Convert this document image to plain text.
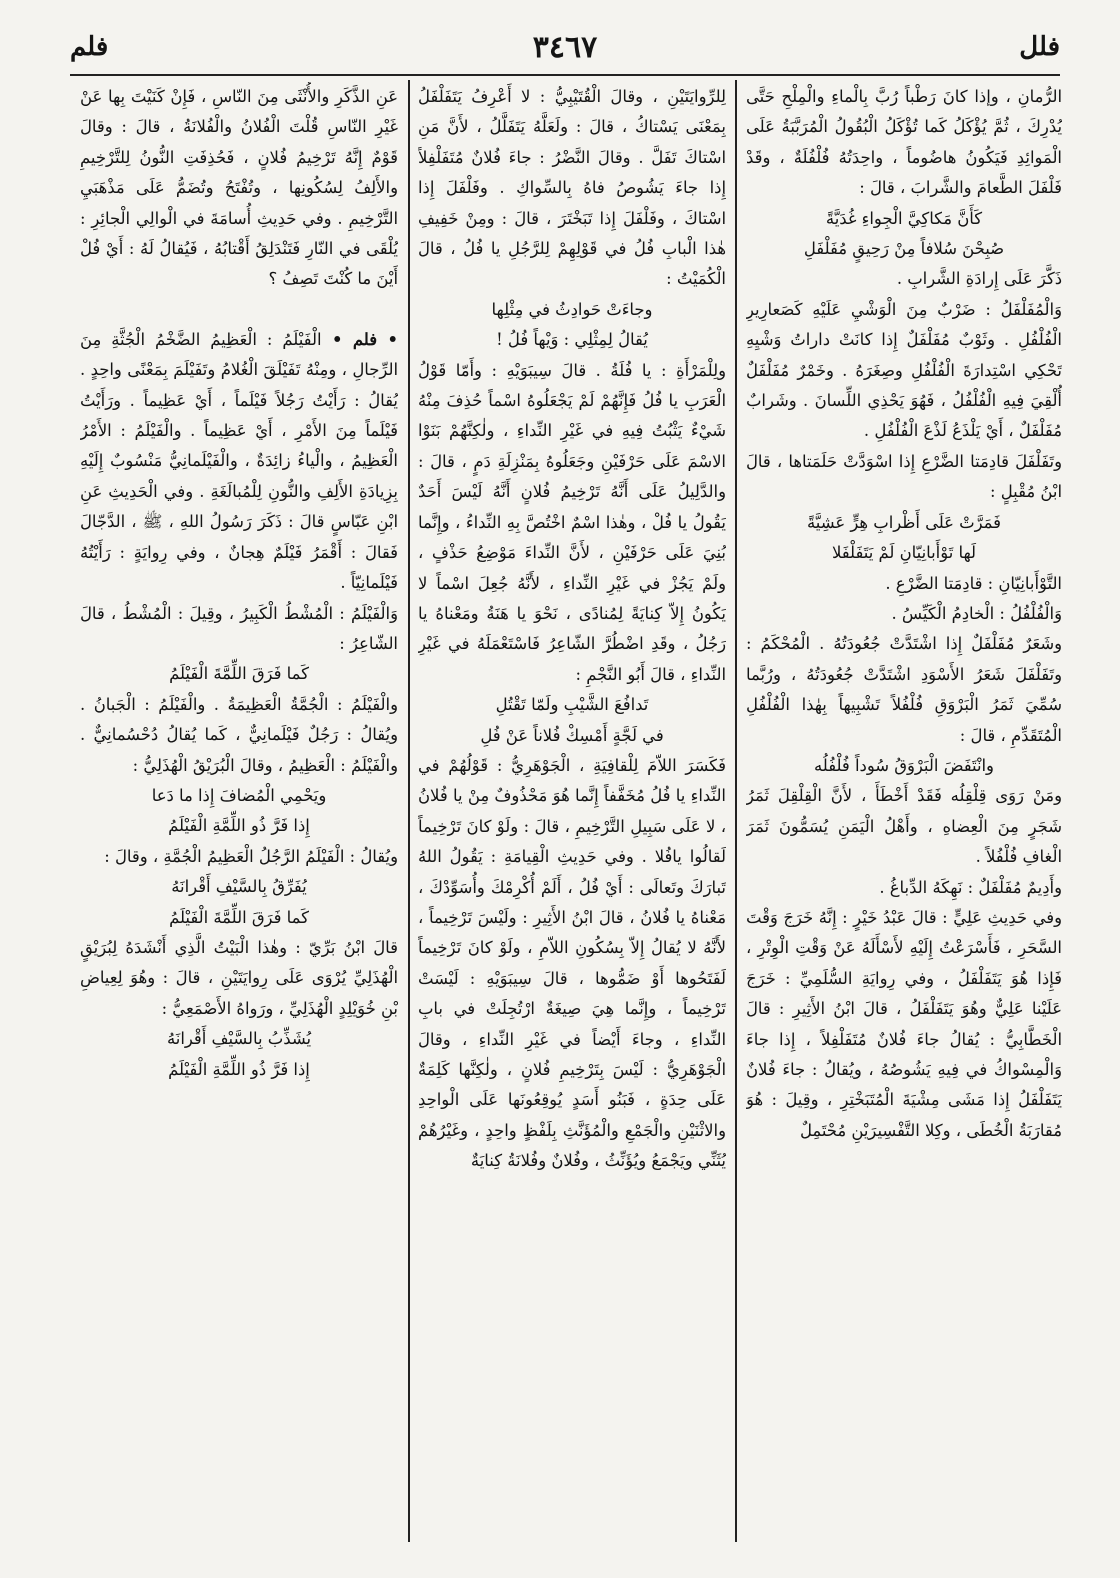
فلل
٣٤٦٧
فلم

الرُّمانِ ، وإذا كانَ رَطْباً رُبَّ بِالْماءِ والْمِلْحِ حَتَّى يُدْرِكَ ، ثُمَّ يُؤْكَلُ كَما تُؤْكَلُ الْبُقُولُ الْمُرَبَّبَةُ عَلَى الْمَوائِدِ فَيَكُونُ هاضُوماً ، واحِدَتُهُ فُلْفُلَةٌ ، وقَدْ فَلْفَلَ الطَّعامَ والشَّرابَ ، قالَ :

كَأَنَّ مَكاكِيَّ الْجِواءِ غُدَيَّةً

صُبِحْنَ سُلافاً مِنْ رَحِيقٍ مُفَلْفَلِ

ذَكَّرَ عَلَى إِرادَةِ الشَّرابِ .

وَالْمُفَلْفَلُ : ضَرْبٌ مِنَ الْوَشْيِ عَلَيْهِ كَصَعارِيرِ الْفُلْفُلِ . وثَوْبٌ مُفَلْفَلٌ إِذا كانَتْ داراتُ وَشْيِهِ تَحْكِي اسْتِدارَةَ الْفُلْفُلِ وصِغَرَهُ . وخَمْرٌ مُفَلْفَلٌ أُلْقِيَ فِيهِ الْفُلْفُلُ ، فَهُوَ يَحْذِي اللِّسانَ . وشَرابٌ مُفَلْفَلٌ ، أَيْ يَلْذَعُ لَذْعَ الْفُلْفُلِ .

وتَفَلْفَلَ قادِمَتا الضَّرْعِ إِذا اسْوَدَّتْ حَلَمَتاها ، قالَ ابْنُ مُقْبِلٍ :

فَمَرَّتْ عَلَى أَظْرابِ هِرٍّ عَشِيَّةً

لَها تَوْأَبانِيّانِ لَمْ يَتَفَلْفَلا

التَّوْأَبانِيّانِ : قادِمَتا الضَّرْعِ .

وَالْفُلْفُلُ : الْخادِمُ الْكَيِّسُ .

وشَعَرٌ مُفَلْفَلٌ إِذا اشْتَدَّتْ جُعُودَتُهُ . الْمُحْكَمُ : وتَفَلْفَلَ شَعَرُ الأَسْوَدِ اشْتَدَّتْ جُعُودَتُهُ ، ورُبَّما سُمِّيَ ثَمَرُ الْبَرْوَقِ فُلْفُلاً تَشْبِيهاً بِهٰذا الْفُلْفُلِ الْمُتَقَدِّمِ ، قالَ :

وانْتَفَضَ الْبَرْوَقُ سُوداً فُلْفُلُه

ومَنْ رَوَى قِلْقِلُه فَقَدْ أَخْطَأَ ، لأَنَّ الْقِلْقِلَ ثَمَرُ شَجَرٍ مِنَ الْعِضاهِ ، وأَهْلُ الْيَمَنِ يُسَمُّونَ ثَمَرَ الْغافِ فُلْفُلاً .

وأَدِيمٌ مُفَلْفَلٌ : نَهِكَهُ الدِّباغُ .

وفي حَدِيثِ عَلِيٍّ : قالَ عَبْدُ خَيْرٍ : إِنَّهُ خَرَجَ وَقْتَ السَّحَرِ ، فَأَسْرَعْتُ إِلَيْهِ لأَسْأَلَهُ عَنْ وَقْتِ الْوِتْرِ ، فَإِذا هُوَ يَتَفَلْفَلُ ، وفي رِوايَةِ السُّلَمِيِّ : خَرَجَ عَلَيْنا عَلِيٌّ وهُوَ يَتَفَلْفَلُ ، قالَ ابْنُ الأَثِيرِ : قالَ الْخَطَّابِيُّ : يُقالُ جاءَ فُلانٌ مُتَفَلْفِلاً ، إِذا جاءَ وَالْمِسْواكُ في فِيهِ يَشُوصُهُ ، ويُقالُ : جاءَ فُلانٌ يَتَفَلْفَلُ إِذا مَشَى مِشْيَةَ الْمُتَبَخْتِرِ ، وقِيلَ : هُوَ مُقارَبَةُ الْخُطَى ، وكِلا التَّفْسِيرَيْنِ مُحْتَمِلٌ

لِلرِّوايَتَيْنِ ، وقالَ الْقُتَيْبِيُّ : لا أَعْرِفُ يَتَفَلْفَلُ بِمَعْنَى يَسْتاكُ ، قالَ : ولَعَلَّهُ يَتَفَلَّلُ ، لأَنَّ مَنِ اسْتاكَ تَفَلَّ . وقالَ النَّضْرُ : جاءَ فُلانٌ مُتَفَلْفِلاً إِذا جاءَ يَشُوصُ فاهُ بِالسِّواكِ . وفَلْفَلَ إِذا اسْتاكَ ، وفَلْفَلَ إِذا تَبَخْتَرَ ، قالَ : ومِنْ خَفِيفِ هٰذا الْبابِ فُلُ في قَوْلِهِمْ لِلرَّجُلِ يا فُلُ ، قالَ الْكُمَيْتُ :

وجاءَتْ حَوادِثُ في مِثْلِها

يُقالُ لِمِثْلِي : وَيْهاً فُلُ !

ولِلْمَرْأَةِ : يا فُلَةُ . قالَ سِيبَوَيْهِ : وأَمّا قَوْلُ الْعَرَبِ يا فُلُ فَإِنَّهُمْ لَمْ يَجْعَلُوهُ اسْماً حُذِفَ مِنْهُ شَيْءٌ يَثْبُتُ فِيهِ في غَيْرِ النِّداءِ ، ولٰكِنَّهُمْ بَنَوْا الاسْمَ عَلَى حَرْفَيْنِ وجَعَلُوهُ بِمَنْزِلَةِ دَمٍ ، قالَ : والدَّلِيلُ عَلَى أَنَّهُ تَرْخِيمُ فُلانٍ أَنَّهُ لَيْسَ أَحَدٌ يَقُولُ يا فُلْ ، وهٰذا اسْمٌ اخْتُصَّ بِهِ النِّداءُ ، وإِنَّما بُنِيَ عَلَى حَرْفَيْنِ ، لأَنَّ النِّداءَ مَوْضِعُ حَذْفٍ ، ولَمْ يَجُزْ في غَيْرِ النِّداءِ ، لأَنَّهُ جُعِلَ اسْماً لا يَكُونُ إِلاّ كِنايَةً لِمُنادًى ، نَحْوَ يا هَنَةُ ومَعْناهُ يا رَجُلُ ، وقَدِ اضْطُرَّ الشّاعِرُ فَاسْتَعْمَلَهُ في غَيْرِ النِّداءِ ، قالَ أَبُو النَّجْمِ :

تَدافُعَ الشَّيْبِ ولَمّا تَقْتُلِ

في لَجَّةٍ أَمْسِكْ فُلاناً عَنْ فُلِ

فَكَسَرَ اللاّمَ لِلْقافِيَةِ ، الْجَوْهَرِيُّ : قَوْلُهُمْ في النِّداءِ يا فُلُ مُخَفَّفاً إِنَّما هُوَ مَحْذُوفٌ مِنْ يا فُلانُ ، لا عَلَى سَبِيلِ التَّرْخِيمِ ، قالَ : ولَوْ كانَ تَرْخِيماً لَقالُوا يافُلا . وفي حَدِيثِ الْقِيامَةِ : يَقُولُ اللهُ تَبارَكَ وتَعالَى : أَيْ فُلُ ، أَلَمْ أُكْرِمْكَ وأُسَوِّدْكَ ، مَعْناهُ يا فُلانُ ، قالَ ابْنُ الأَثِيرِ : ولَيْسَ تَرْخِيماً ، لأَنَّهُ لا يُقالُ إِلاّ بِسُكُونِ اللاّمِ ، ولَوْ كانَ تَرْخِيماً لَفَتَحُوها أَوْ ضَمُّوها ، قالَ سِيبَوَيْهِ : لَيْسَتْ تَرْخِيماً ، وإِنَّما هِيَ صِيغَةٌ ارْتُجِلَتْ في بابِ النِّداءِ ، وجاءَ أَيْضاً في غَيْرِ النِّداءِ ، وقالَ الْجَوْهَرِيُّ : لَيْسَ بِتَرْخِيمِ فُلانٍ ، ولٰكِنَّها كَلِمَةٌ عَلَى حِدَةٍ ، فَبَنُو أَسَدٍ يُوقِعُونَها عَلَى الْواحِدِ والاثْنَيْنِ والْجَمْعِ والْمُؤَنَّثِ بِلَفْظٍ واحِدٍ ، وغَيْرُهُمْ يُثَنِّي ويَجْمَعُ ويُؤَنِّثُ ، وفُلانٌ وفُلانَةُ كِنايَةٌ

عَنِ الذَّكَرِ والأُنْثَى مِنَ النّاسِ ، فَإِنْ كَنَيْتَ بِها عَنْ غَيْرِ النّاسِ قُلْتَ الْفُلانُ والْفُلانَةُ ، قالَ : وقالَ قَوْمٌ إِنَّهُ تَرْخِيمُ فُلانٍ ، فَحُذِفَتِ النُّونُ لِلتَّرْخِيمِ والأَلِفُ لِسُكُونِها ، وتُفْتَحُ وتُضَمُّ عَلَى مَذْهَبَيِ التَّرْخِيمِ . وفي حَدِيثِ أُسامَةَ في الْوالِي الْجائِرِ : يُلْقَى في النّارِ فَتَنْدَلِقُ أَقْتابُهُ ، فَيُقالُ لَهُ : أَيْ فُلْ أَيْنَ ما كُنْتَ تَصِفُ ؟

• فلم • الْفَيْلَمُ : الْعَظِيمُ الضَّخْمُ الْجُثَّةِ مِنَ الرِّجالِ ، ومِنْهُ تَفَيْلَقَ الْغُلامُ وتَفَيْلَمَ بِمَعْنًى واحِدٍ . يُقالُ : رَأَيْتُ رَجُلاً فَيْلَماً ، أَيْ عَظِيماً . ورَأَيْتُ فَيْلَماً مِنَ الأَمْرِ ، أَيْ عَظِيماً . والْفَيْلَمُ : الأَمْرُ الْعَظِيمُ ، والْياءُ زائِدَةٌ ، والْفَيْلَمانِيُّ مَنْسُوبٌ إِلَيْهِ بِزِيادَةِ الأَلِفِ والنُّونِ لِلْمُبالَغَةِ . وفي الْحَدِيثِ عَنِ ابْنِ عَبّاسٍ قالَ : ذَكَرَ رَسُولُ اللهِ ، ﷺ ، الدَّجّالَ فَقالَ : أَقْمَرُ فَيْلَمٌ هِجانٌ ، وفي رِوايَةٍ : رَأَيْتُهُ فَيْلَمانِيّاً .

وَالْفَيْلَمُ : الْمُشْطُ الْكَبِيرُ ، وقِيلَ : الْمُشْطُ ، قالَ الشّاعِرُ :

كَما فَرَقَ اللِّمَّةَ الْفَيْلَمُ

والْفَيْلَمُ : الْجُمَّةُ الْعَظِيمَةُ . والْفَيْلَمُ : الْجَبانُ . ويُقالُ : رَجُلٌ فَيْلَمانِيٌّ ، كَما يُقالُ دُحْسُمانِيٌّ . والْفَيْلَمُ : الْعَظِيمُ ، وقالَ الْبُرَيْقُ الْهُذَلِيُّ :

ويَحْمِي الْمُضافَ إِذا ما دَعا

إِذا فَرَّ ذُو اللِّمَّةِ الْفَيْلَمُ

ويُقالُ : الْفَيْلَمُ الرَّجُلُ الْعَظِيمُ الْجُمَّةِ ، وقالَ :

يُفَرِّقُ بِالسَّيْفِ أَقْرانَهُ

كَما فَرَقَ اللِّمَّةَ الْفَيْلَمُ

قالَ ابْنُ بَرِّيّ : وهٰذا الْبَيْتُ الَّذِي أَنْشَدَهُ لِبُرَيْقٍ الْهُذَلِيِّ يُرْوَى عَلَى رِوايَتَيْنِ ، قالَ : وهُوَ لِعِياضِ بْنِ خُوَيْلِدٍ الْهُذَلِيِّ ، ورَواهُ الأَصْمَعِيُّ :

يُشَذِّبُ بِالسَّيْفِ أَقْرانَهُ

إِذا فَرَّ ذُو اللِّمَّةِ الْفَيْلَمُ
